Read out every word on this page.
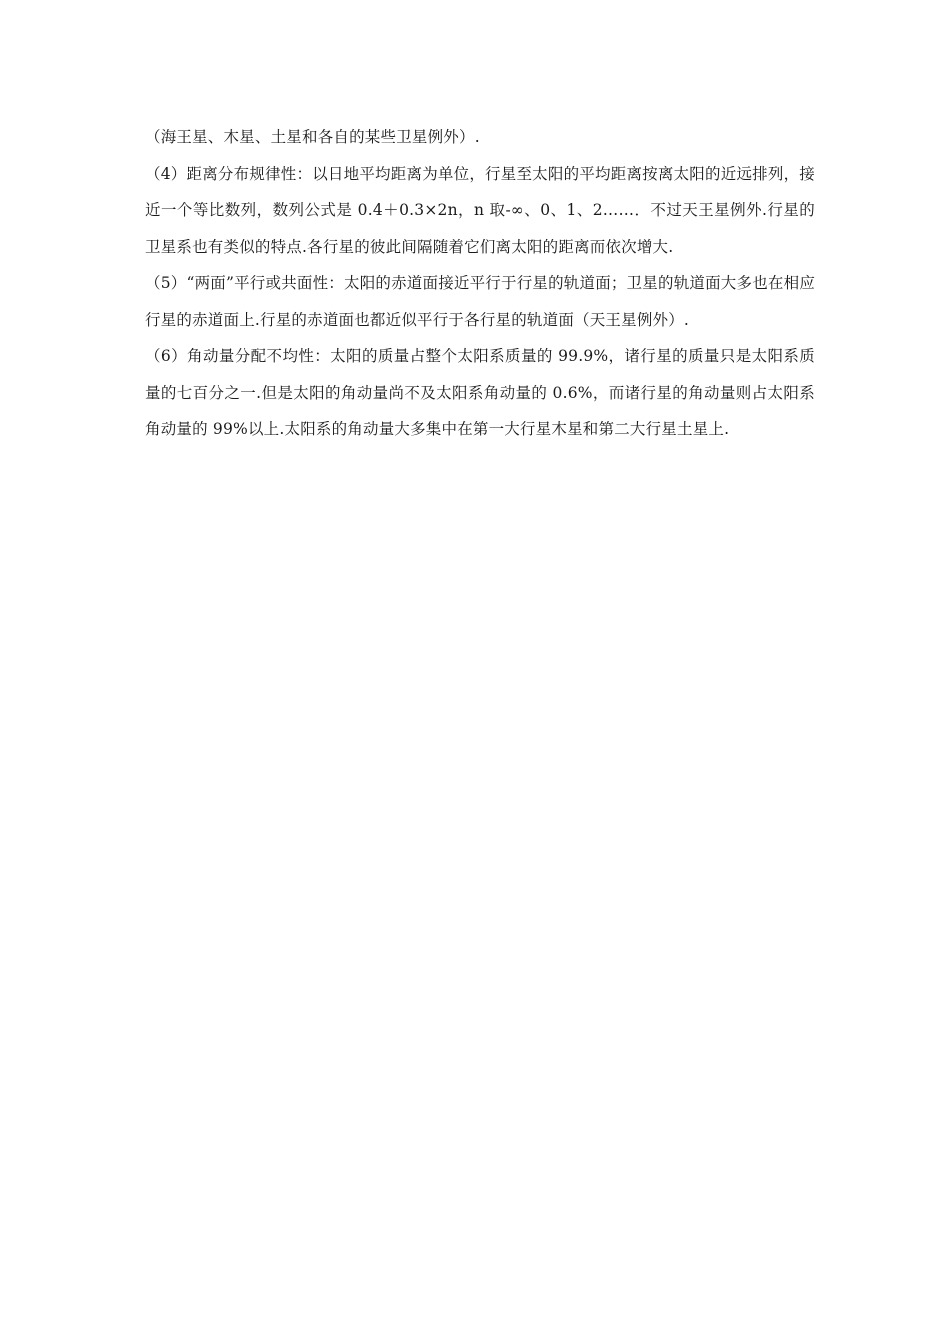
（海王星、木星、土星和各自的某些卫星例外）.

（4）距离分布规律性：以日地平均距离为单位，行星至太阳的平均距离按离太阳的近远排列，接近一个等比数列，数列公式是 0.4＋0.3×2n，n 取-∞、0、1、2……．不过天王星例外.行星的卫星系也有类似的特点.各行星的彼此间隔随着它们离太阳的距离而依次增大.

（5）“两面”平行或共面性：太阳的赤道面接近平行于行星的轨道面；卫星的轨道面大多也在相应行星的赤道面上.行星的赤道面也都近似平行于各行星的轨道面（天王星例外）.

（6）角动量分配不均性：太阳的质量占整个太阳系质量的 99.9%，诸行星的质量只是太阳系质量的七百分之一.但是太阳的角动量尚不及太阳系角动量的 0.6%，而诸行星的角动量则占太阳系角动量的 99%以上.太阳系的角动量大多集中在第一大行星木星和第二大行星土星上.
